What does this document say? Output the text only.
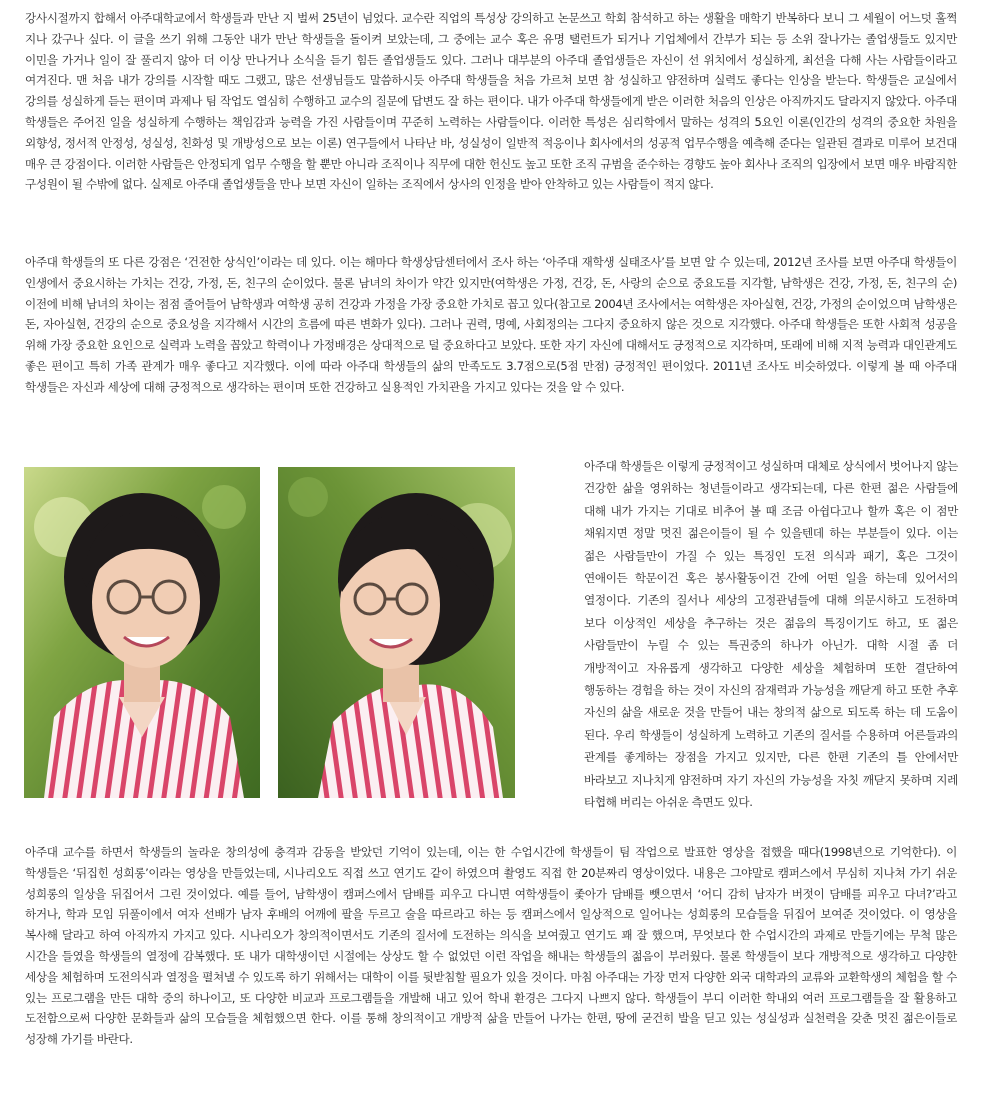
강사시절까지 합해서 아주대학교에서 학생들과 만난 지 벌써 25년이 넘었다. 교수란 직업의 특성상 강의하고 논문쓰고 학회 참석하고 하는 생활을 매학기 반복하다 보니 그 세월이 어느덧 훌쩍 지나 갔구나 싶다. 이 글을 쓰기 위해 그동안 내가 만난 학생들을 돌이켜 보았는데, 그 중에는 교수 혹은 유명 탤런트가 되거나 기업체에서 간부가 되는 등 소위 잘나가는 졸업생들도 있지만 이민을 가거나 일이 잘 풀리지 않아 더 이상 만나거나 소식을 듣기 힘든 졸업생들도 있다. 그러나 대부분의 아주대 졸업생들은 자신이 선 위치에서 성실하게, 최선을 다해 사는 사람들이라고 여겨진다. 맨 처음 내가 강의를 시작할 때도 그랬고, 많은 선생님들도 말씀하시듯 아주대 학생들을 처음 가르쳐 보면 참 성실하고 얌전하며 실력도 좋다는 인상을 받는다. 학생들은 교실에서 강의를 성실하게 듣는 편이며 과제나 팀 작업도 열심히 수행하고 교수의 질문에 답변도 잘 하는 편이다. 내가 아주대 학생들에게 받은 이러한 처음의 인상은 아직까지도 달라지지 않았다. 아주대 학생들은 주어진 일을 성실하게 수행하는 책임감과 능력을 가진 사람들이며 꾸준히 노력하는 사람들이다. 이러한 특성은 심리학에서 말하는 성격의 5요인 이론(인간의 성격의 중요한 차원을 외향성, 정서적 안정성, 성실성, 친화성 및 개방성으로 보는 이론) 연구들에서 나타난 바, 성실성이 일반적 적응이나 회사에서의 성공적 업무수행을 예측해 준다는 일관된 결과로 미루어 보건대 매우 큰 강점이다. 이러한 사람들은 안정되게 업무 수행을 할 뿐만 아니라 조직이나 직무에 대한 헌신도 높고 또한 조직 규범을 준수하는 경향도 높아 회사나 조직의 입장에서 보면 매우 바람직한 구성원이 될 수밖에 없다. 실제로 아주대 졸업생들을 만나 보면 자신이 일하는 조직에서 상사의 인정을 받아 안착하고 있는 사람들이 적지 않다.

아주대 학생들의 또 다른 강점은 ‘건전한 상식인’이라는 데 있다. 이는 해마다 학생상담센터에서 조사 하는 ‘아주대 재학생 실태조사’를 보면 알 수 있는데, 2012년 조사를 보면 아주대 학생들이 인생에서 중요시하는 가치는 건강, 가정, 돈, 친구의 순이었다. 물론 남녀의 차이가 약간 있지만(여학생은 가정, 건강, 돈, 사랑의 순으로 중요도를 지각할, 남학생은 건강, 가정, 돈, 친구의 순) 이전에 비해 남녀의 차이는 점점 줄어들어 남학생과 여학생 공히 건강과 가정을 가장 중요한 가치로 꼽고 있다(참고로 2004년 조사에서는 여학생은 자아실현, 건강, 가정의 순이었으며 남학생은 돈, 자아실현, 건강의 순으로 중요성을 지각해서 시간의 흐름에 따른 변화가 있다). 그러나 권력, 명예, 사회정의는 그다지 중요하지 않은 것으로 지각했다. 아주대 학생들은 또한 사회적 성공을 위해 가장 중요한 요인으로 실력과 노력을 꼽았고 학력이나 가정배경은 상대적으로 덜 중요하다고 보았다. 또한 자기 자신에 대해서도 긍정적으로 지각하며, 또래에 비해 지적 능력과 대인관계도 좋은 편이고 특히 가족 관계가 매우 좋다고 지각했다. 이에 따라 아주대 학생들의 삶의 만족도도 3.7점으로(5점 만점) 긍정적인 편이었다. 2011년 조사도 비슷하였다. 이렇게 볼 때 아주대 학생들은 자신과 세상에 대해 긍정적으로 생각하는 편이며 또한 건강하고 실용적인 가치관을 가지고 있다는 것을 알 수 있다.

아주대 학생들은 이렇게 긍정적이고 성실하며 대체로 상식에서 벗어나지 않는 건강한 삶을 영위하는 청년들이라고 생각되는데, 다른 한편 젊은 사람들에 대해 내가 가지는 기대로 비추어 볼 때 조금 아쉽다고나 할까 혹은 이 점만 채워지면 정말 멋진 젊은이들이 될 수 있을텐데 하는 부분들이 있다. 이는 젊은 사람들만이 가질 수 있는 특징인 도전 의식과 패기, 혹은 그것이 연애이든 학문이건 혹은 봉사활동이건 간에 어떤 일을 하는데 있어서의 열정이다. 기존의 질서나 세상의 고정관념들에 대해 의문시하고 도전하며 보다 이상적인 세상을 추구하는 것은 젊음의 특징이기도 하고, 또 젊은 사람들만이 누릴 수 있는 특권중의 하나가 아닌가. 대학 시절 좀 더 개방적이고 자유롭게 생각하고 다양한 세상을 체험하며 또한 결단하여 행동하는 경험을 하는 것이 자신의 잠재력과 가능성을 깨닫게 하고 또한 추후 자신의 삶을 새로운 것을 만들어 내는 창의적 삶으로 되도록 하는 데 도움이 된다. 우리 학생들이 성실하게 노력하고 기존의 질서를 수용하며 어른들과의 관계를 좋게하는 장점을 가지고 있지만, 다른 한편 기존의 틀 안에서만 바라보고 지나치게 얌전하며 자기 자신의 가능성을 자칫 깨닫지 못하며 지레 타협해 버리는 아쉬운 측면도 있다.

아주대 교수를 하면서 학생들의 놀라운 창의성에 충격과 감동을 받았던 기억이 있는데, 이는 한 수업시간에 학생들이 팀 작업으로 발표한 영상을 접했을 때다(1998년으로 기억한다). 이 학생들은 ‘뒤집힌 성희롱’이라는 영상을 만들었는데, 시나리오도 직접 쓰고 연기도 같이 하였으며 촬영도 직접 한 20분짜리 영상이었다. 내용은 그야말로 캠퍼스에서 무심히 지나쳐 가기 쉬운 성희롱의 일상을 뒤집어서 그린 것이었다. 예를 들어, 남학생이 캠퍼스에서 담배를 피우고 다니면 여학생들이 좇아가 담배를 뺏으면서 ‘어디 감히 남자가 버젓이 담배를 피우고 다녀?’라고 하거나, 학과 모임 뒤풀이에서 여자 선배가 남자 후배의 어깨에 팔을 두르고 술을 따르라고 하는 등 캠퍼스에서 일상적으로 일어나는 성희롱의 모습들을 뒤집어 보여준 것이었다. 이 영상을 복사해 달라고 하여 아직까지 가지고 있다. 시나리오가 창의적이면서도 기존의 질서에 도전하는 의식을 보여줬고 연기도 꽤 잘 했으며, 무엇보다 한 수업시간의 과제로 만들기에는 무척 많은 시간을 들였을 학생들의 열정에 감복했다. 또 내가 대학생이던 시절에는 상상도 할 수 없었던 이런 작업을 해내는 학생들의 젊음이 부러웠다. 물론 학생들이 보다 개방적으로 생각하고 다양한 세상을 체험하며 도전의식과 열정을 펼쳐낼 수 있도록 하기 위해서는 대학이 이를 뒷받침할 필요가 있을 것이다. 마침 아주대는 가장 먼저 다양한 외국 대학과의 교류와 교환학생의 체험을 할 수 있는 프로그램을 만든 대학 중의 하나이고, 또 다양한 비교과 프로그램들을 개발해 내고 있어 학내 환경은 그다지 나쁘지 않다. 학생들이 부디 이러한 학내외 여러 프로그램들을 잘 활용하고 도전함으로써 다양한 문화들과 삶의 모습들을 체험했으면 한다. 이를 통해 창의적이고 개방적 삶을 만들어 나가는 한편, 땅에 굳건히 발을 딛고 있는 성실성과 실천력을 갖춘 멋진 젊은이들로 성장해 가기를 바란다.
